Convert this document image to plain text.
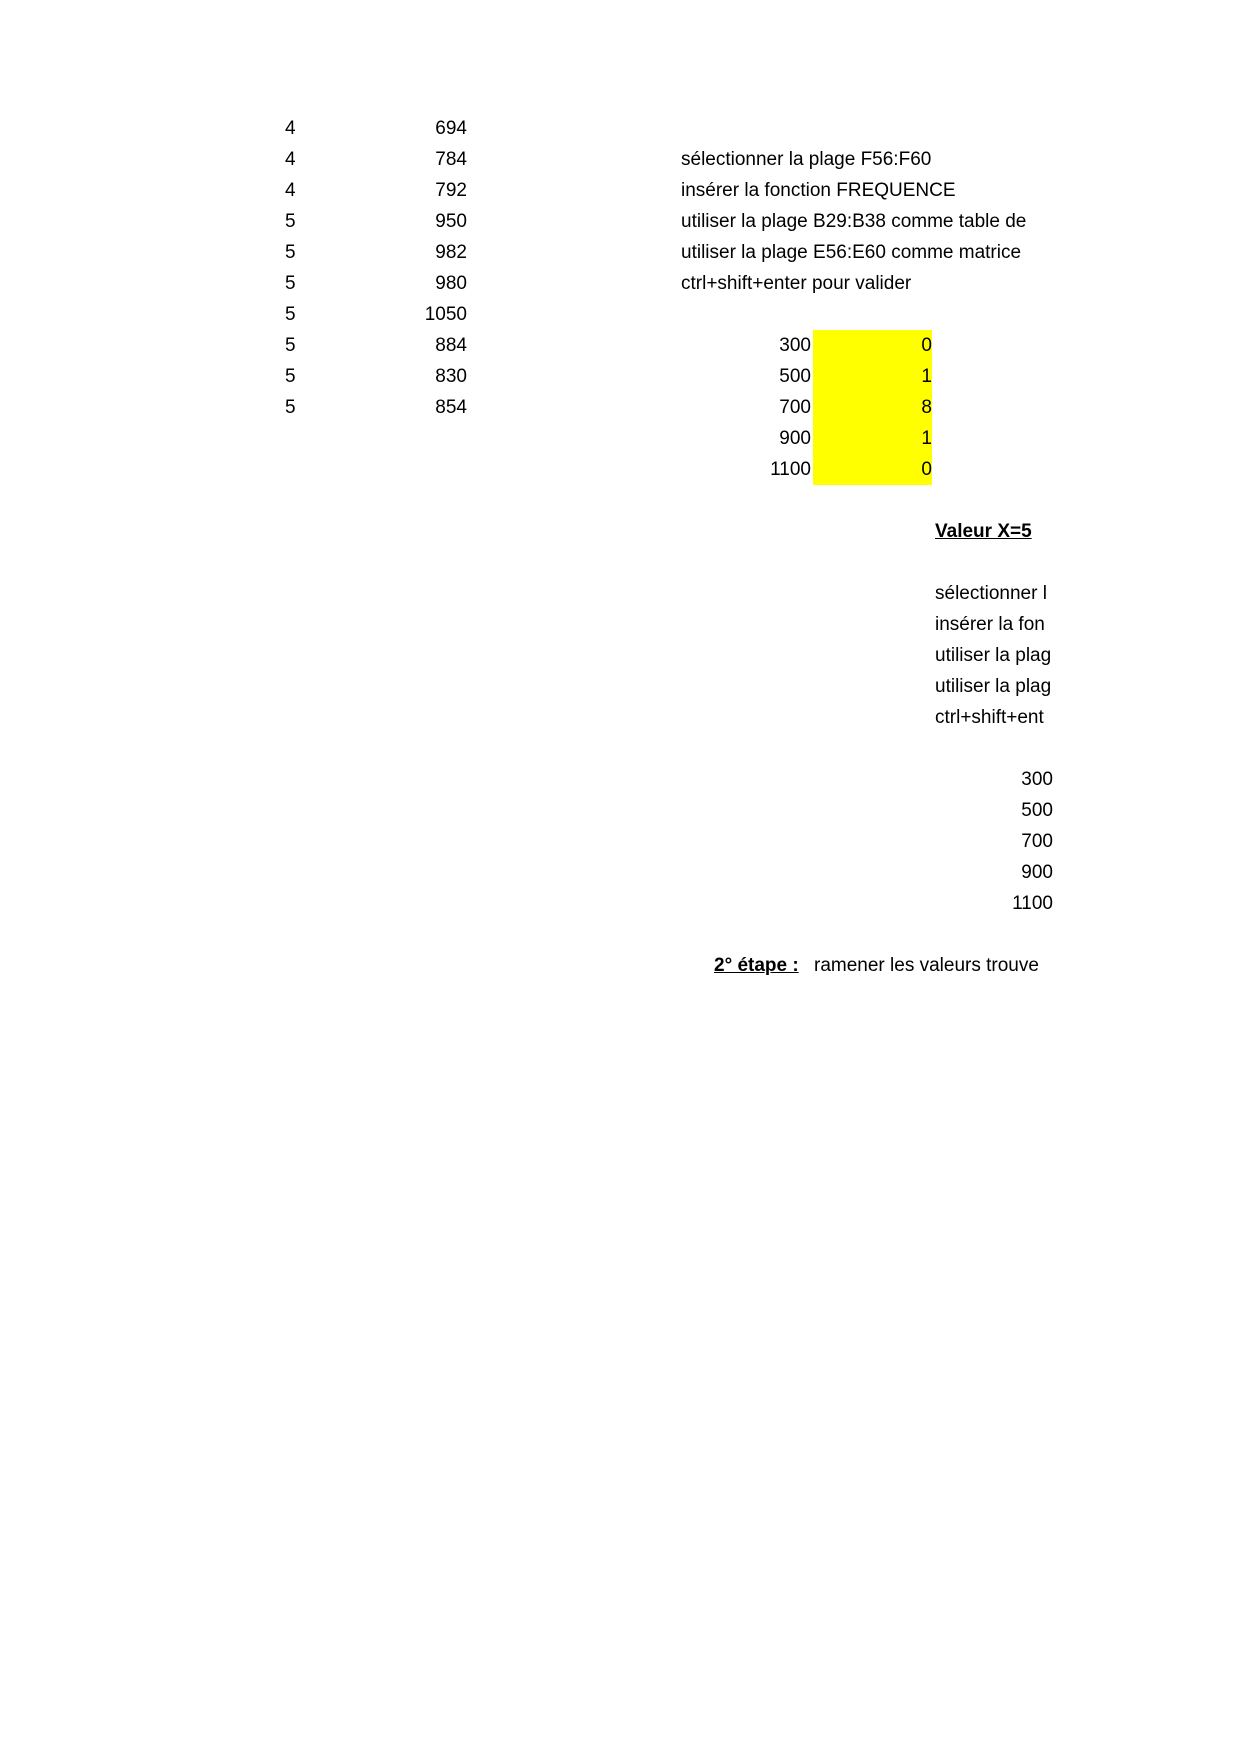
4	694
4	784
4	792
5	950
5	982
5	980
5	1050
5	884
5	830
5	854
sélectionner la plage F56:F60
insérer la fonction FREQUENCE
utiliser la plage B29:B38 comme table de
utiliser la plage E56:E60 comme matrice
ctrl+shift+enter pour valider
300	0
500	1
700	8
900	1
1100	0
Valeur X=5
sélectionner l
insérer la fon
utiliser la plag
utiliser la plag
ctrl+shift+ent
300
500
700
900
1100
2° étape : ramener les valeurs trouve
